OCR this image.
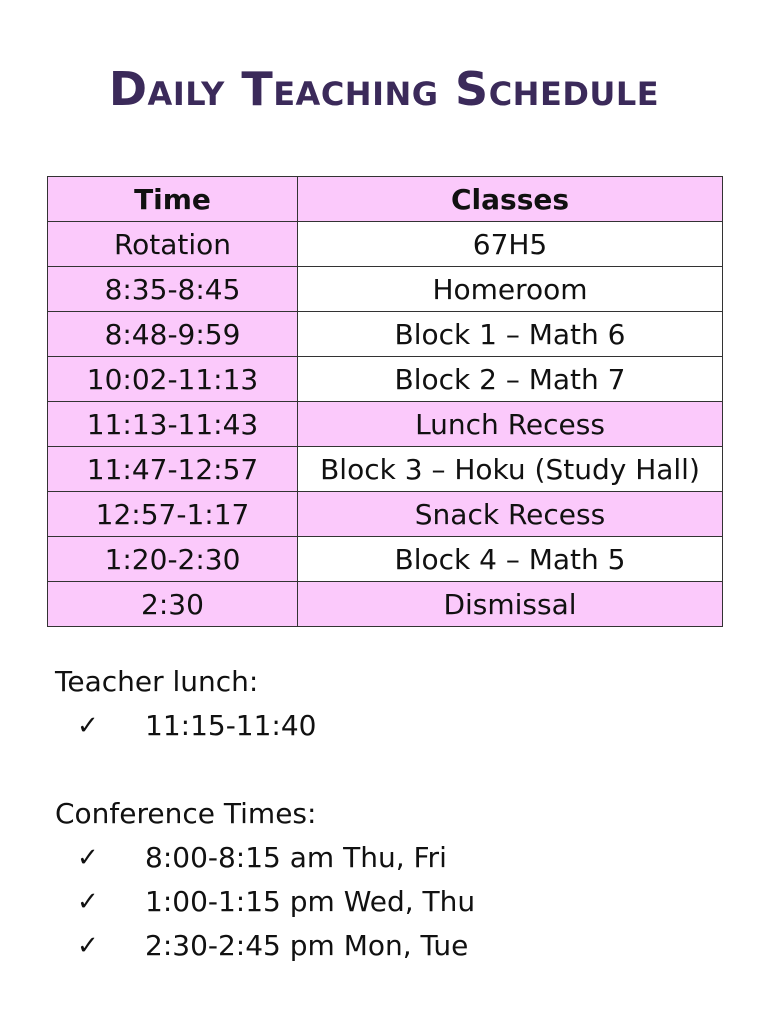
Daily Teaching Schedule
Time	Classes
Rotation	67H5
8:35-8:45	Homeroom
8:48-9:59	Block 1 – Math 6
10:02-11:13	Block 2 – Math 7
11:13-11:43	Lunch Recess
11:47-12:57	Block 3 – Hoku (Study Hall)
12:57-1:17	Snack Recess
1:20-2:30	Block 4 – Math 5
2:30	Dismissal
Teacher lunch:
✓	11:15-11:40
Conference Times:
✓	8:00-8:15 am Thu, Fri
✓	1:00-1:15 pm Wed, Thu
✓	2:30-2:45 pm Mon, Tue
